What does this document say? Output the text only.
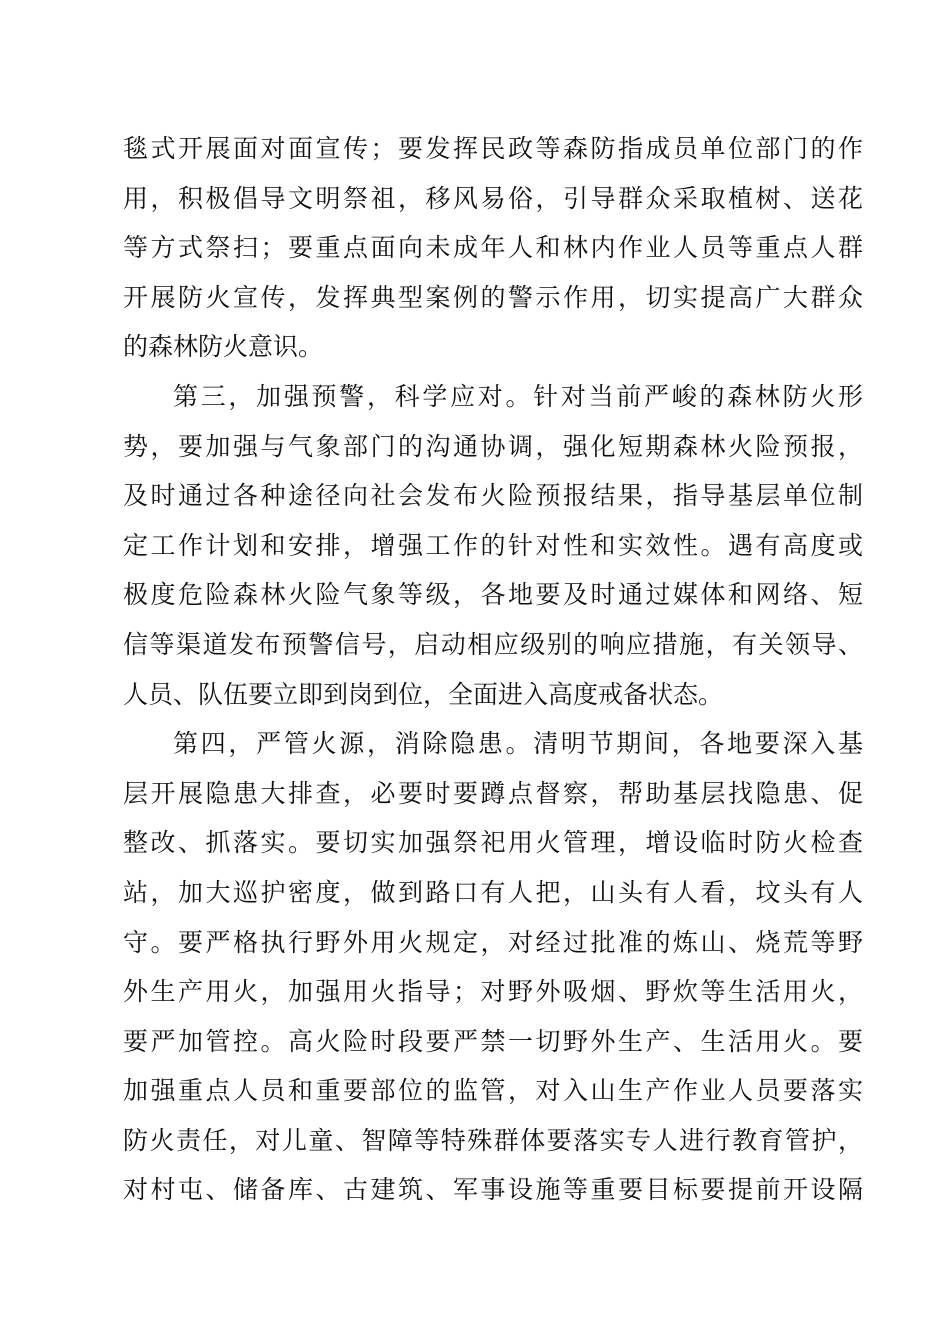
毯式开展面对面宣传；要发挥民政等森防指成员单位部门的作
用，积极倡导文明祭祖，移风易俗，引导群众采取植树、送花
等方式祭扫；要重点面向未成年人和林内作业人员等重点人群
开展防火宣传，发挥典型案例的警示作用，切实提高广大群众
的森林防火意识。
第三，加强预警，科学应对。针对当前严峻的森林防火形
势，要加强与气象部门的沟通协调，强化短期森林火险预报，
及时通过各种途径向社会发布火险预报结果，指导基层单位制
定工作计划和安排，增强工作的针对性和实效性。遇有高度或
极度危险森林火险气象等级，各地要及时通过媒体和网络、短
信等渠道发布预警信号，启动相应级别的响应措施，有关领导、
人员、队伍要立即到岗到位，全面进入高度戒备状态。
第四，严管火源，消除隐患。清明节期间，各地要深入基
层开展隐患大排查，必要时要蹲点督察，帮助基层找隐患、促
整改、抓落实。要切实加强祭祀用火管理，增设临时防火检查
站，加大巡护密度，做到路口有人把，山头有人看，坟头有人
守。要严格执行野外用火规定，对经过批准的炼山、烧荒等野
外生产用火，加强用火指导；对野外吸烟、野炊等生活用火，
要严加管控。高火险时段要严禁一切野外生产、生活用火。要
加强重点人员和重要部位的监管，对入山生产作业人员要落实
防火责任，对儿童、智障等特殊群体要落实专人进行教育管护，
对村屯、储备库、古建筑、军事设施等重要目标要提前开设隔
